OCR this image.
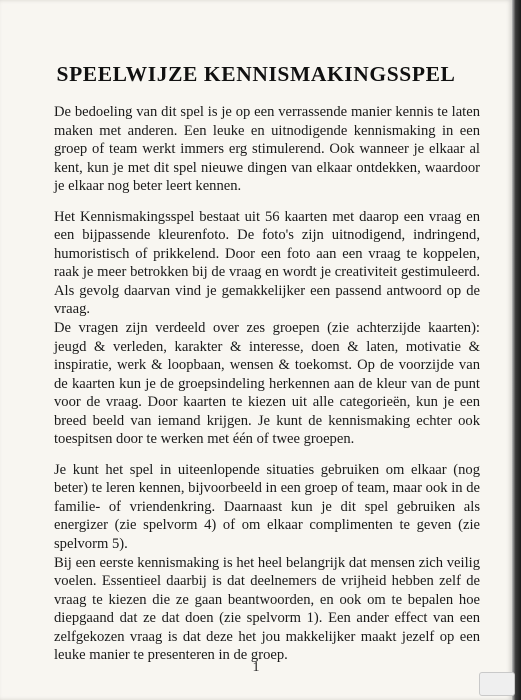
SPEELWIJZE KENNISMAKINGSSPEL

De bedoeling van dit spel is je op een verrassende manier kennis te laten maken met anderen. Een leuke en uitnodigende kennismaking in een groep of team werkt immers erg stimulerend. Ook wanneer je elkaar al kent, kun je met dit spel nieuwe dingen van elkaar ontdekken, waardoor je elkaar nog beter leert kennen.

Het Kennismakingsspel bestaat uit 56 kaarten met daarop een vraag en een bijpassende kleurenfoto. De foto's zijn uitnodigend, indringend, humoristisch of prikkelend. Door een foto aan een vraag te koppelen, raak je meer betrokken bij de vraag en wordt je creativiteit gestimuleerd. Als gevolg daarvan vind je gemakkelijker een passend antwoord op de vraag.

De vragen zijn verdeeld over zes groepen (zie achterzijde kaarten): jeugd & verleden, karakter & interesse, doen & laten, motivatie & inspiratie, werk & loopbaan, wensen & toekomst. Op de voorzijde van de kaarten kun je de groepsindeling herkennen aan de kleur van de punt voor de vraag. Door kaarten te kiezen uit alle categorieën, kun je een breed beeld van iemand krijgen. Je kunt de kennismaking echter ook toespitsen door te werken met één of twee groepen.

Je kunt het spel in uiteenlopende situaties gebruiken om elkaar (nog beter) te leren kennen, bijvoorbeeld in een groep of team, maar ook in de familie- of vriendenkring. Daarnaast kun je dit spel gebruiken als energizer (zie spelvorm 4) of om elkaar complimenten te geven (zie spelvorm 5).

Bij een eerste kennismaking is het heel belangrijk dat mensen zich veilig voelen. Essentieel daarbij is dat deelnemers de vrijheid hebben zelf de vraag te kiezen die ze gaan beantwoorden, en ook om te bepalen hoe diepgaand dat ze dat doen (zie spelvorm 1). Een ander effect van een zelfgekozen vraag is dat deze het jou makkelijker maakt jezelf op een leuke manier te presenteren in de groep.

1
